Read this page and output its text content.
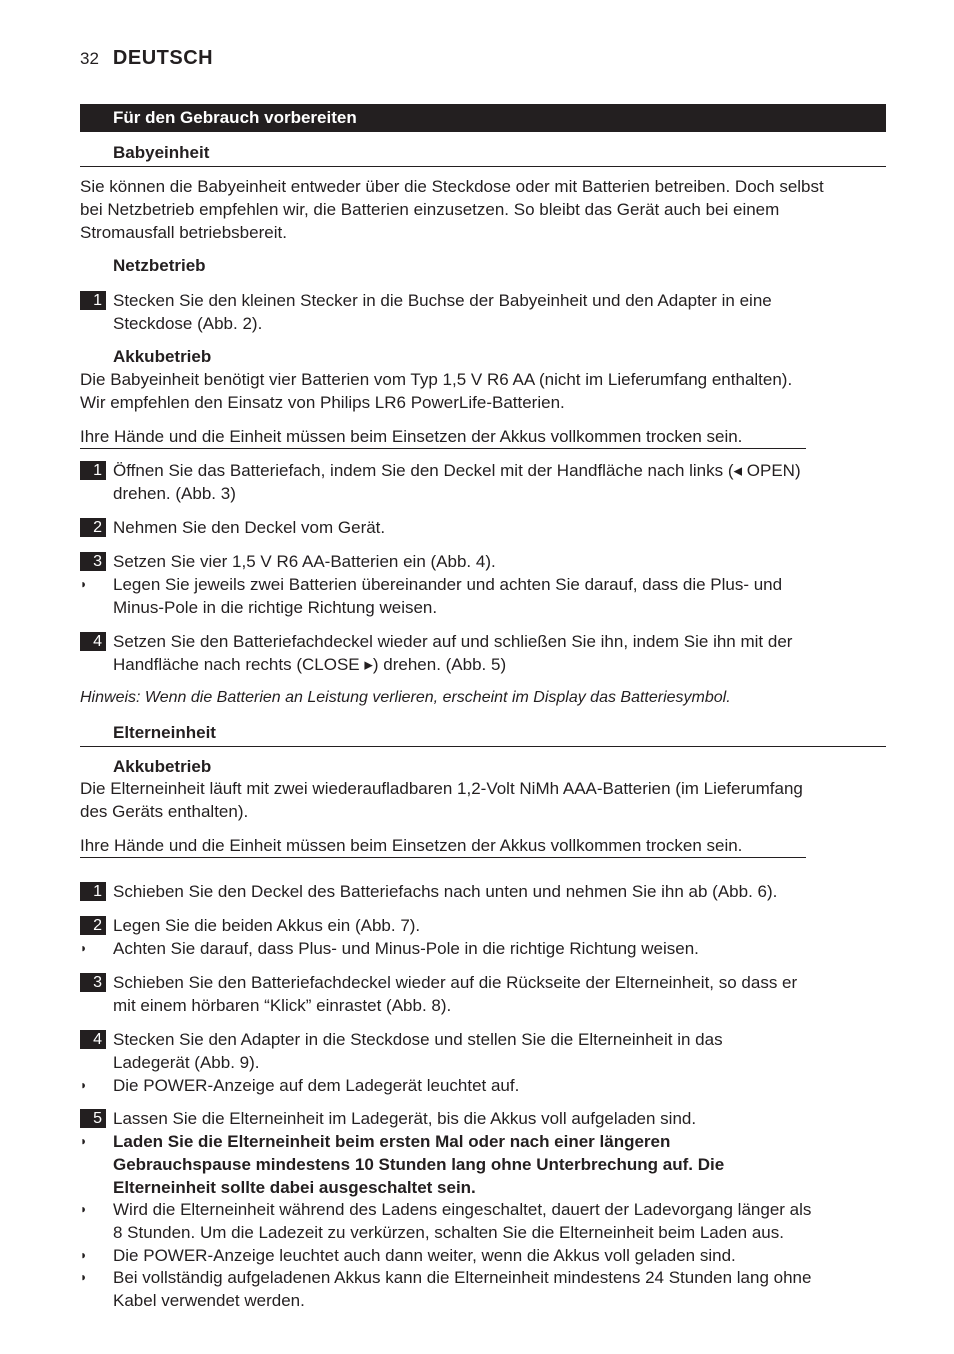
32 DEUTSCH
Für den Gebrauch vorbereiten
Babyeinheit
Sie können die Babyeinheit entweder über die Steckdose oder mit Batterien betreiben. Doch selbst
bei Netzbetrieb empfehlen wir, die Batterien einzusetzen. So bleibt das Gerät auch bei einem
Stromausfall betriebsbereit.
Netzbetrieb
1 Stecken Sie den kleinen Stecker in die Buchse der Babyeinheit und den Adapter in eine
Steckdose (Abb. 2).
Akkubetrieb
Die Babyeinheit benötigt vier Batterien vom Typ 1,5 V R6 AA (nicht im Lieferumfang enthalten).
Wir empfehlen den Einsatz von Philips LR6 PowerLife-Batterien.
Ihre Hände und die Einheit müssen beim Einsetzen der Akkus vollkommen trocken sein.
1 Öffnen Sie das Batteriefach, indem Sie den Deckel mit der Handfläche nach links (◂ OPEN)
drehen. (Abb. 3)
2 Nehmen Sie den Deckel vom Gerät.
3 Setzen Sie vier 1,5 V R6 AA-Batterien ein (Abb. 4).
◗	Legen Sie jeweils zwei Batterien übereinander und achten Sie darauf, dass die Plus- und
Minus-Pole in die richtige Richtung weisen.
4 Setzen Sie den Batteriefachdeckel wieder auf und schließen Sie ihn, indem Sie ihn mit der
Handfläche nach rechts (CLOSE ▸) drehen. (Abb. 5)
Hinweis: Wenn die Batterien an Leistung verlieren, erscheint im Display das Batteriesymbol.
Elterneinheit
Akkubetrieb
Die Elterneinheit läuft mit zwei wiederaufladbaren 1,2-Volt NiMh AAA-Batterien (im Lieferumfang
des Geräts enthalten).
Ihre Hände und die Einheit müssen beim Einsetzen der Akkus vollkommen trocken sein.
1 Schieben Sie den Deckel des Batteriefachs nach unten und nehmen Sie ihn ab (Abb. 6).
2 Legen Sie die beiden Akkus ein (Abb. 7).
◗	Achten Sie darauf, dass Plus- und Minus-Pole in die richtige Richtung weisen.
3 Schieben Sie den Batteriefachdeckel wieder auf die Rückseite der Elterneinheit, so dass er
mit einem hörbaren “Klick” einrastet (Abb. 8).
4 Stecken Sie den Adapter in die Steckdose und stellen Sie die Elterneinheit in das
Ladegerät (Abb. 9).
◗	Die POWER-Anzeige auf dem Ladegerät leuchtet auf.
5 Lassen Sie die Elterneinheit im Ladegerät, bis die Akkus voll aufgeladen sind.
◗	Laden Sie die Elterneinheit beim ersten Mal oder nach einer längeren
Gebrauchspause mindestens 10 Stunden lang ohne Unterbrechung auf. Die
Elterneinheit sollte dabei ausgeschaltet sein.
◗	Wird die Elterneinheit während des Ladens eingeschaltet, dauert der Ladevorgang länger als
8 Stunden. Um die Ladezeit zu verkürzen, schalten Sie die Elterneinheit beim Laden aus.
◗	Die POWER-Anzeige leuchtet auch dann weiter, wenn die Akkus voll geladen sind.
◗	Bei vollständig aufgeladenen Akkus kann die Elterneinheit mindestens 24 Stunden lang ohne
Kabel verwendet werden.
